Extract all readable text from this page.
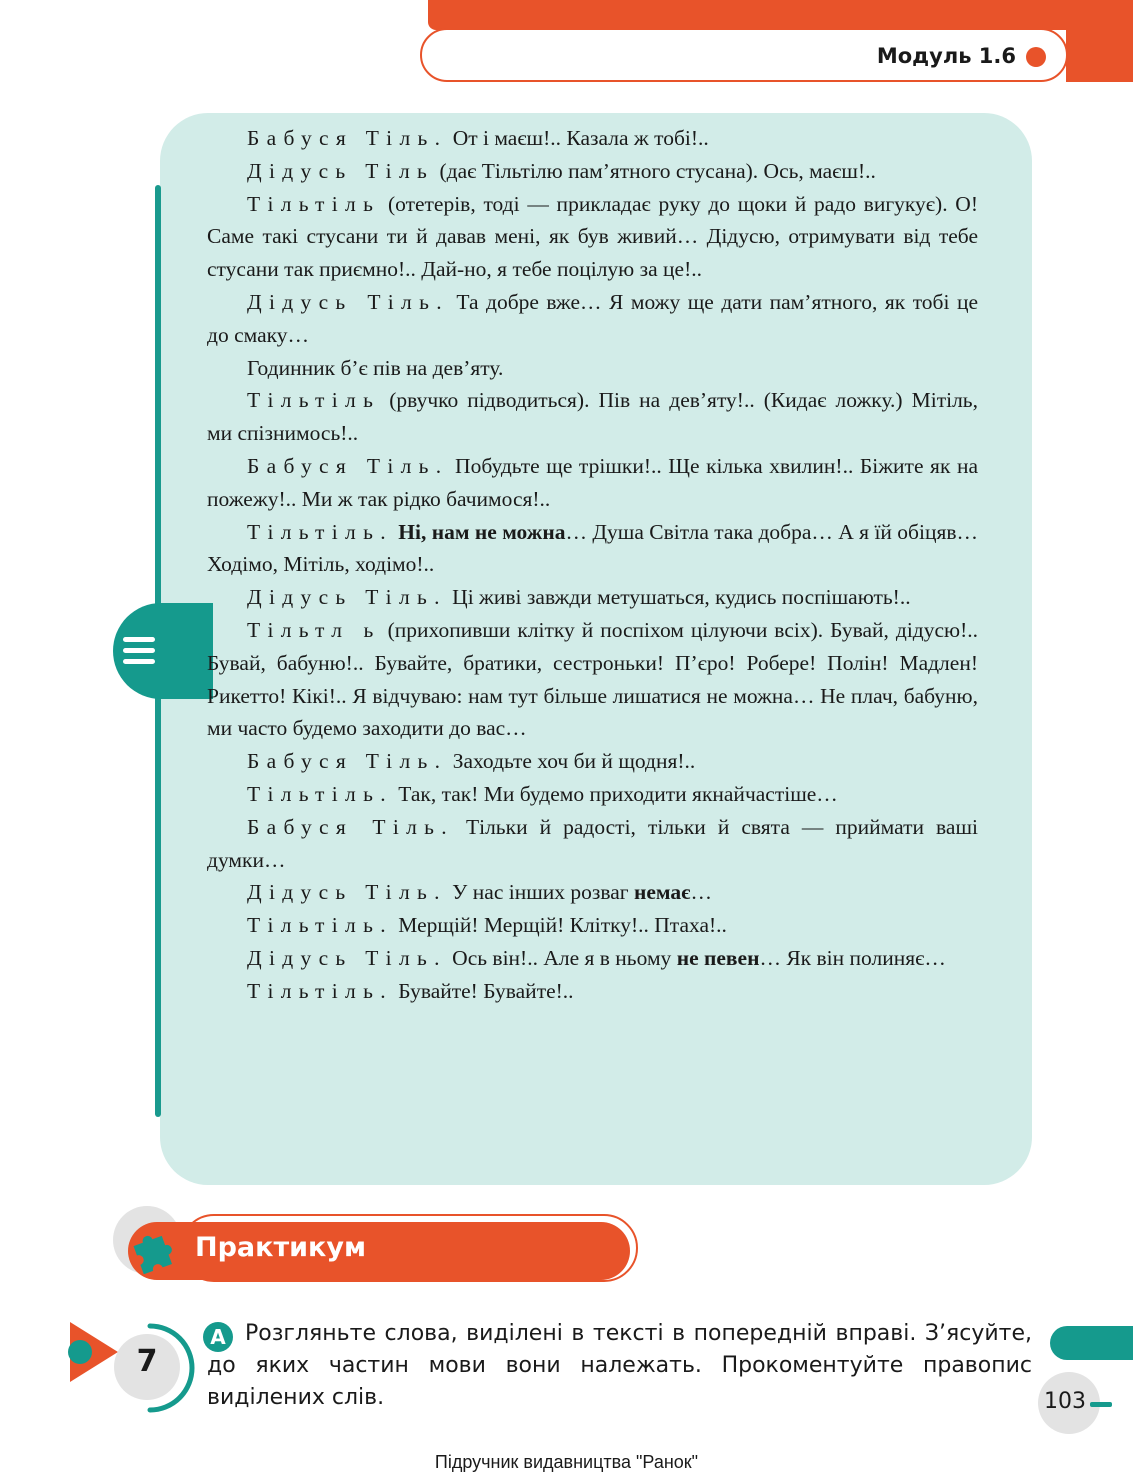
Модуль 1.6

Бабуся Тіль. От і маєш!.. Казала ж тобі!..

Дідусь Тіль (дає Тільтілю пам’ятного стусана). Ось, маєш!..

Тільтіль (отетерів, тоді — прикладає руку до щоки й радо вигукує). О! Саме такі стусани ти й давав мені, як був живий… Дідусю, отримувати від тебе стусани так приємно!.. Дай-но, я тебе поцілую за це!..

Дідусь Тіль. Та добре вже… Я можу ще дати пам’ятного, як тобі це до смаку…

Годинник б’є пів на дев’яту.

Тільтіль (рвучко підводиться). Пів на дев’яту!.. (Кидає ложку.) Мітіль, ми спізнимось!..

Бабуся Тіль. Побудьте ще трішки!.. Ще кілька хвилин!.. Біжите як на пожежу!.. Ми ж так рідко бачимося!..

Тільтіль. Ні, нам не можна… Душа Світла така добра… А я їй обіцяв… Ходімо, Мітіль, ходімо!..

Дідусь Тіль. Ці живі завжди метушаться, кудись поспішають!..

Тільтл ь (прихопивши клітку й поспіхом цілуючи всіх). Бувай, дідусю!.. Бувай, бабуню!.. Бувайте, братики, сестроньки! П’єро! Робере! Полін! Мадлен! Рикетто! Кікі!.. Я відчуваю: нам тут більше лишатися не можна… Не плач, бабуню, ми часто будемо заходити до вас…

Бабуся Тіль. Заходьте хоч би й щодня!..

Тільтіль. Так, так! Ми будемо приходити якнайчастіше…

Бабуся Тіль. Тільки й радості, тільки й свята — приймати ваші думки…

Дідусь Тіль. У нас інших розваг немає…

Тільтіль. Мерщій! Мерщій! Клітку!.. Птаха!..

Дідусь Тіль. Ось він!.. Але я в ньому не певен… Як він полиняє…

Тільтіль. Бувайте! Бувайте!..

Практикум
7
Розгляньте слова, виділені в тексті в попередній вправі. З’ясуйте, до яких частин мови вони належать. Прокоментуйте правопис виділених слів.
A
103
Підручник видавництва "Ранок"
